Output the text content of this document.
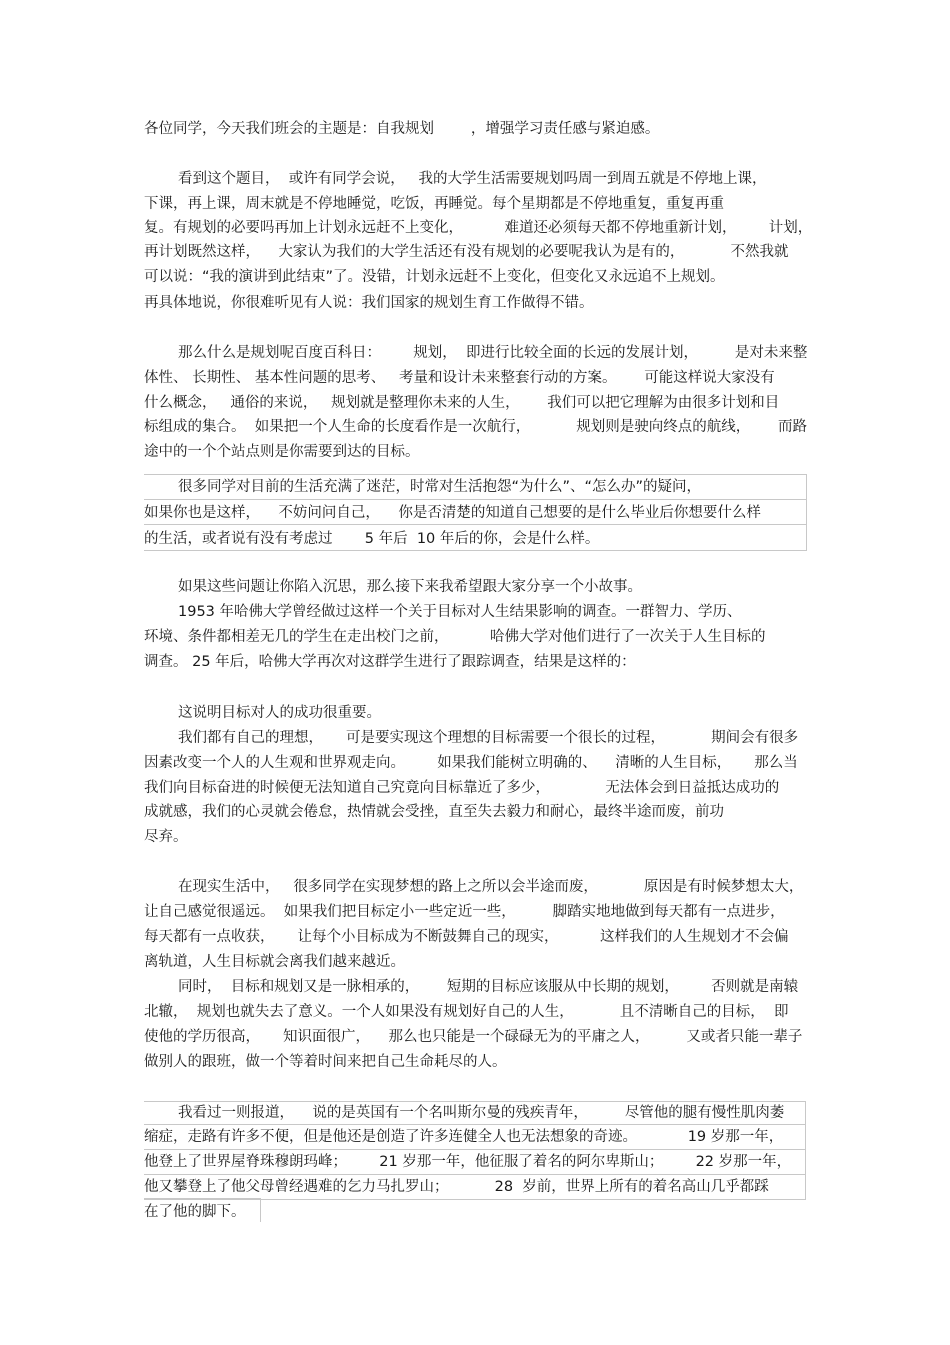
各位同学，今天我们班会的主题是：自我规划        ，增强学习责任感与紧迫感。
看到这个题目，  或许有同学会说，   我的大学生活需要规划吗周一到周五就是不停地上课，
下课，再上课，周末就是不停地睡觉，吃饭，再睡觉。每个星期都是不停地重复，重复再重
复。有规划的必要吗再加上计划永远赶不上变化，         难道还必须每天都不停地重新计划，       计划，
再计划既然这样，    大家认为我们的大学生活还有没有规划的必要呢我认为是有的，          不然我就
可以说：“我的演讲到此结束”了。没错，计划永远赶不上变化，但变化又永远追不上规划。
再具体地说，你很难听见有人说：我们国家的规划生育工作做得不错。
那么什么是规划呢百度百科日：       规划，  即进行比较全面的长远的发展计划，        是对未来整
体性、 长期性、 基本性问题的思考、   考量和设计未来整套行动的方案。      可能这样说大家没有
什么概念，   通俗的来说，   规划就是整理你未来的人生，      我们可以把它理解为由很多计划和目
标组成的集合。  如果把一个人生命的长度看作是一次航行，          规划则是驶向终点的航线，      而路
途中的一个个站点则是你需要到达的目标。
很多同学对目前的生活充满了迷茫，时常对生活抱怨“为什么”、“怎么办”的疑问，
如果你也是这样，    不妨问问自己，    你是否清楚的知道自己想要的是什么毕业后你想要什么样
的生活，或者说有没有考虑过       5 年后  10 年后的你，会是什么样。
如果这些问题让你陷入沉思，那么接下来我希望跟大家分享一个小故事。
1953 年哈佛大学曾经做过这样一个关于目标对人生结果影响的调查。一群智力、学历、
环境、条件都相差无几的学生在走出校门之前，         哈佛大学对他们进行了一次关于人生目标的
调查。 25 年后，哈佛大学再次对这群学生进行了跟踪调查，结果是这样的：
这说明目标对人的成功很重要。
我们都有自己的理想，     可是要实现这个理想的目标需要一个很长的过程，          期间会有很多
因素改变一个人的人生观和世界观走向。       如果我们能树立明确的、    清晰的人生目标，     那么当
我们向目标奋进的时候便无法知道自己究竟向目标靠近了多少，            无法体会到日益抵达成功的
成就感，我们的心灵就会倦怠，热情就会受挫，直至失去毅力和耐心，最终半途而废，前功
尽弃。
在现实生活中，   很多同学在实现梦想的路上之所以会半途而废，          原因是有时候梦想太大，
让自己感觉很遥远。  如果我们把目标定小一些定近一些，        脚踏实地地做到每天都有一点进步，
每天都有一点收获，     让每个小目标成为不断鼓舞自己的现实，         这样我们的人生规划才不会偏
离轨道，人生目标就会离我们越来越近。
同时，  目标和规划又是一脉相承的，      短期的目标应该服从中长期的规划，       否则就是南辕
北辙，  规划也就失去了意义。一个人如果没有规划好自己的人生，          且不清晰自己的目标，  即
使他的学历很高，     知识面很广，    那么也只能是一个碌碌无为的平庸之人，        又或者只能一辈子
做别人的跟班，做一个等着时间来把自己生命耗尽的人。
我看过一则报道，    说的是英国有一个名叫斯尔曼的残疾青年，        尽管他的腿有慢性肌肉萎
缩症，走路有许多不便，但是他还是创造了许多连健全人也无法想象的奇迹。           19 岁那一年，
他登上了世界屋脊珠穆朗玛峰；       21 岁那一年，他征服了着名的阿尔卑斯山；       22 岁那一年，
他又攀登上了他父母曾经遇难的乞力马扎罗山；          28  岁前，世界上所有的着名高山几乎都踩
在了他的脚下。
